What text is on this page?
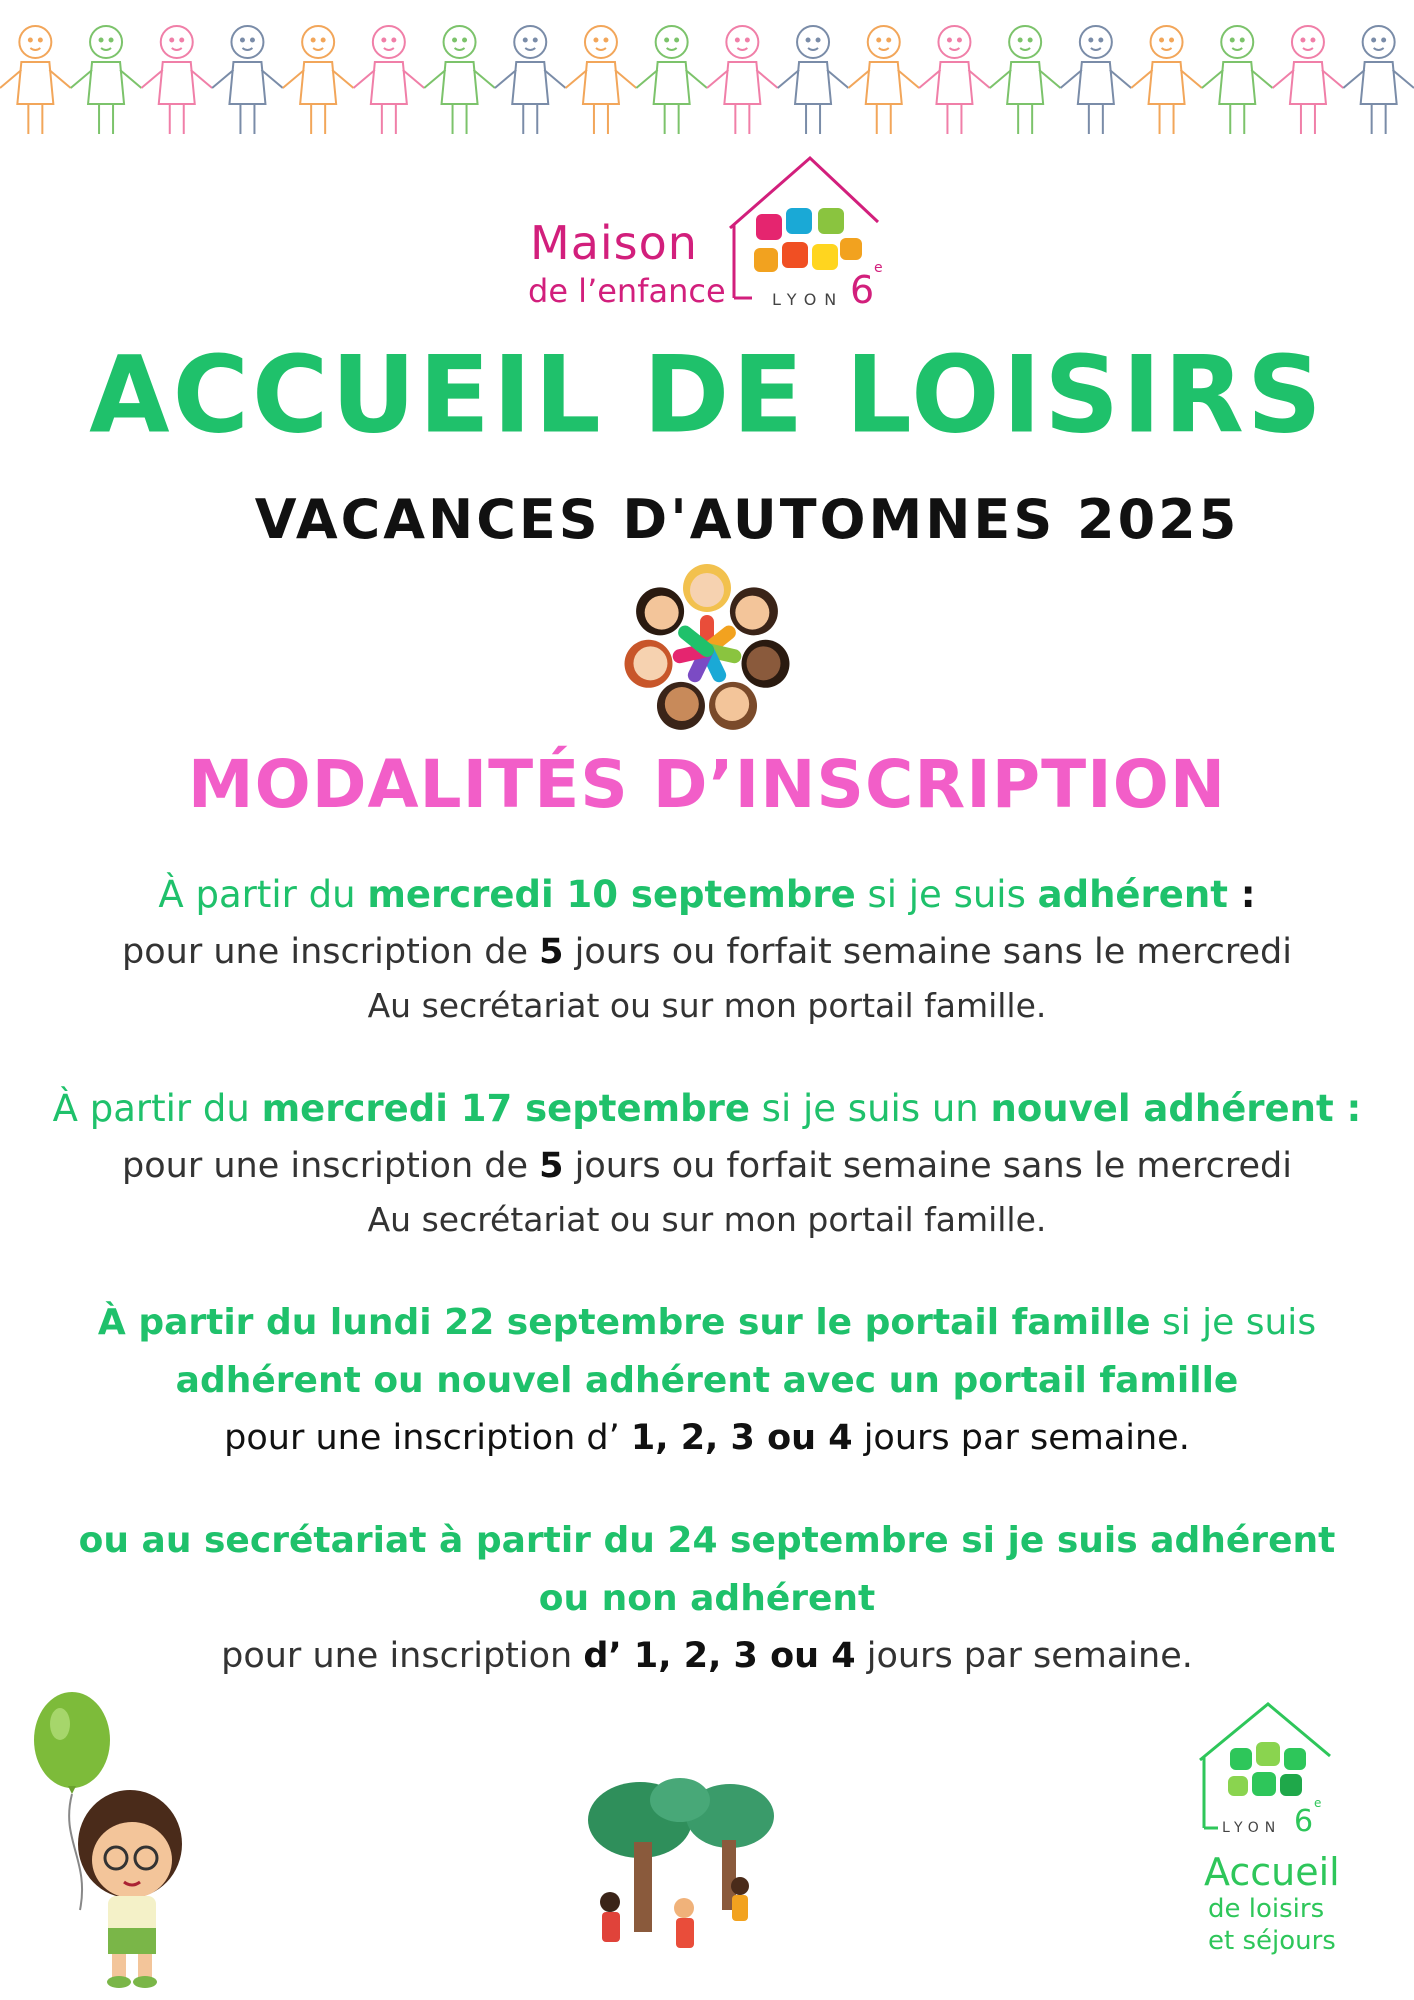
Maison
de l’enfance	LYON 6 e
ACCUEIL DE LOISIRS
VACANCES D'AUTOMNES 2025
MODALITÉS D’INSCRIPTION
À partir du mercredi 10 septembre si je suis adhérent :
pour une inscription de 5 jours ou forfait semaine sans le mercredi
Au secrétariat ou sur mon portail famille.
À partir du mercredi 17 septembre si je suis un nouvel adhérent :
pour une inscription de 5 jours ou forfait semaine sans le mercredi
Au secrétariat ou sur mon portail famille.
À partir du lundi 22 septembre sur le portail famille si je suis
adhérent ou nouvel adhérent avec un portail famille
pour une inscription d’ 1, 2, 3 ou 4 jours par semaine.
ou au secrétariat à partir du 24 septembre si je suis adhérent
ou non adhérent
pour une inscription d’ 1, 2, 3 ou 4 jours par semaine.
LYON 6
e
Accueil
de loisirs
et séjours
